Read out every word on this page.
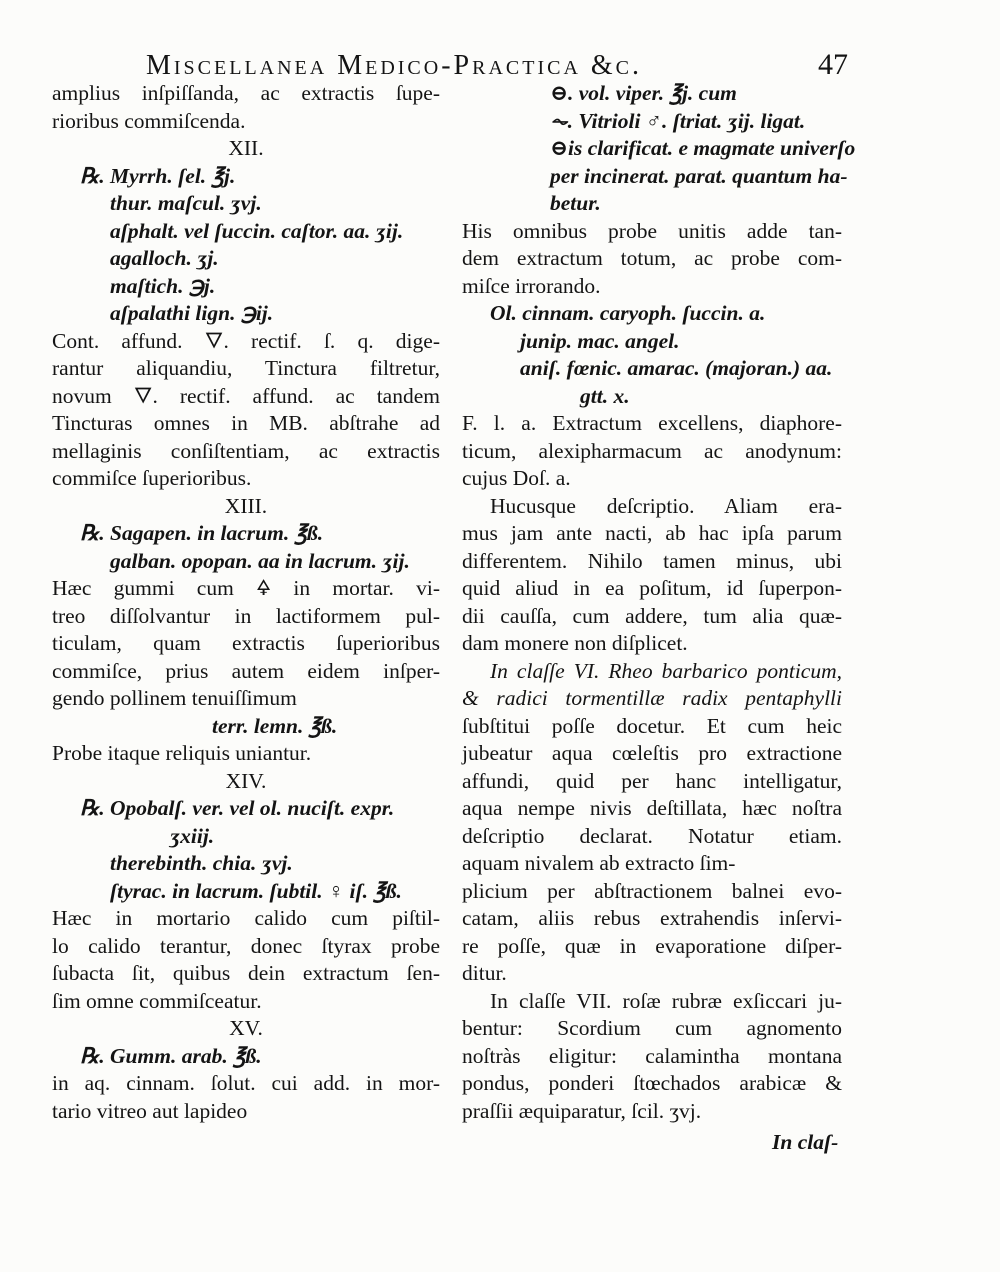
Miscellanea Medico-Practica &c.	47
amplius inſpiſſanda, ac extractis ſupe-
rioribus commiſcenda.
XII.
℞. Myrrh. ſel. ℥j.
thur. maſcul. ʒvj.
aſphalt. vel ſuccin. caſtor. aa. ʒij.
agalloch. ʒj.
maſtich. ℈j.
aſpalathi lign. ℈ij.
Cont. affund. 🜄. rectif. ſ. q. dige-
rantur aliquandiu, Tinctura filtretur,
novum 🜄. rectif. affund. ac tandem
Tincturas omnes in MB. abſtrahe ad
mellaginis conſiſtentiam, ac extractis
commiſce ſuperioribus.
XIII.
℞. Sagapen. in lacrum. ℥ß.
galban. opopan. aa in lacrum. ʒij.
Hæc gummi cum 🜍 in mortar. vi-
treo diſſolvantur in lactiformem pul-
ticulam, quam extractis ſuperioribus
commiſce, prius autem eidem inſper-
gendo pollinem tenuiſſimum
terr. lemn. ℥ß.
Probe itaque reliquis uniantur.
XIV.
℞. Opobalſ. ver. vel ol. nuciſt. expr.
ʒxiij.
therebinth. chia. ʒvj.
ſtyrac. in lacrum. ſubtil. ♀ iſ. ℥ß.
Hæc in mortario calido cum piſtil-
lo calido terantur, donec ſtyrax probe
ſubacta ſit, quibus dein extractum ſen-
ſim omne commiſceatur.
XV.
℞. Gumm. arab. ℥ß.
in aq. cinnam. ſolut. cui add. in mor-
tario vitreo aut lapideo
⊖. vol. viper. ℥j. cum
⏦. Vitrioli ♂. ſtriat. ʒij. ligat.
⊖is clarificat. e magmate univerſo
per incinerat. parat. quantum ha-
betur.
His omnibus probe unitis adde tan-
dem extractum totum, ac probe com-
miſce irrorando.
Ol. cinnam. caryoph. ſuccin. a.
junip. mac. angel.
aniſ. fœnic. amarac. (majoran.) aa.
gtt. x.
F. l. a. Extractum excellens, diaphore-
ticum, alexipharmacum ac anodynum:
cujus Doſ. a.
Hucusque deſcriptio. Aliam era-
mus jam ante nacti, ab hac ipſa parum
differentem. Nihilo tamen minus, ubi
quid aliud in ea poſitum, id ſuperpon-
dii cauſſa, cum addere, tum alia quæ-
dam monere non diſplicet.
In claſſe VI. Rheo barbarico ponticum,
& radici tormentillæ radix pentaphylli
ſubſtitui poſſe docetur. Et cum heic
jubeatur aqua cœleſtis pro extractione
affundi, quid per hanc intelligatur,
aqua nempe nivis deſtillata, hæc noſtra
deſcriptio declarat. Notatur etiam.
aquam nivalem ab extracto ſim-
plicium per abſtractionem balnei evo-
catam, aliis rebus extrahendis inſervi-
re poſſe, quæ in evaporatione diſper-
ditur.
In claſſe VII. roſæ rubræ exſiccari ju-
bentur: Scordium cum agnomento
noſtràs eligitur: calamintha montana
pondus, ponderi ſtœchados arabicæ &
praſſii æquiparatur, ſcil. ʒvj.
In claſ-
